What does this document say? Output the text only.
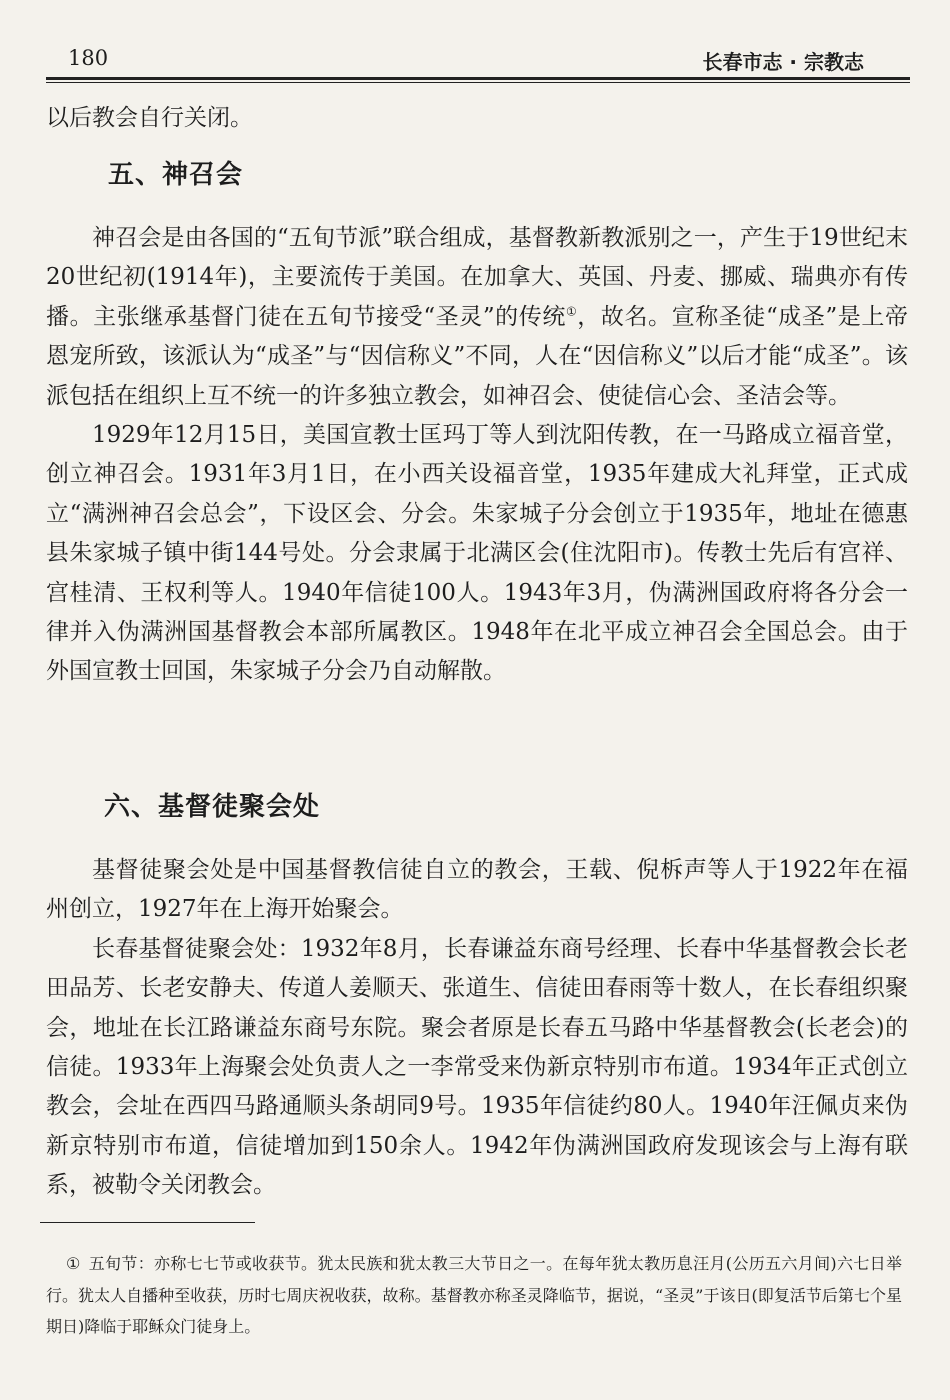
180	长春市志 · 宗教志

以后教会自行关闭。

五、神召会

神召会是由各国的“五旬节派”联合组成，基督教新教派别之一，产生于19世纪末20世纪初(1914年)，主要流传于美国。在加拿大、英国、丹麦、挪威、瑞典亦有传播。主张继承基督门徒在五旬节接受“圣灵”的传统①，故名。宣称圣徒“成圣”是上帝恩宠所致，该派认为“成圣”与“因信称义”不同，人在“因信称义”以后才能“成圣”。该派包括在组织上互不统一的许多独立教会，如神召会、使徒信心会、圣洁会等。

1929年12月15日，美国宣教士匡玛丁等人到沈阳传教，在一马路成立福音堂，创立神召会。1931年3月1日，在小西关设福音堂，1935年建成大礼拜堂，正式成立“满洲神召会总会”，下设区会、分会。朱家城子分会创立于1935年，地址在德惠县朱家城子镇中街144号处。分会隶属于北满区会(住沈阳市)。传教士先后有宫祥、宫桂清、王权利等人。1940年信徒100人。1943年3月，伪满洲国政府将各分会一律并入伪满洲国基督教会本部所属教区。1948年在北平成立神召会全国总会。由于外国宣教士回国，朱家城子分会乃自动解散。

六、基督徒聚会处

基督徒聚会处是中国基督教信徒自立的教会，王载、倪柝声等人于1922年在福州创立，1927年在上海开始聚会。

长春基督徒聚会处：1932年8月，长春谦益东商号经理、长春中华基督教会长老田品芳、长老安静夫、传道人姜顺天、张道生、信徒田春雨等十数人，在长春组织聚会，地址在长江路谦益东商号东院。聚会者原是长春五马路中华基督教会(长老会)的信徒。1933年上海聚会处负责人之一李常受来伪新京特别市布道。1934年正式创立教会，会址在西四马路通顺头条胡同9号。1935年信徒约80人。1940年汪佩贞来伪新京特别市布道，信徒增加到150余人。1942年伪满洲国政府发现该会与上海有联系，被勒令关闭教会。

① 五旬节：亦称七七节或收获节。犹太民族和犹太教三大节日之一。在每年犹太教历息汪月(公历五六月间)六七日举行。犹太人自播种至收获，历时七周庆祝收获，故称。基督教亦称圣灵降临节，据说，“圣灵”于该日(即复活节后第七个星期日)降临于耶稣众门徒身上。
